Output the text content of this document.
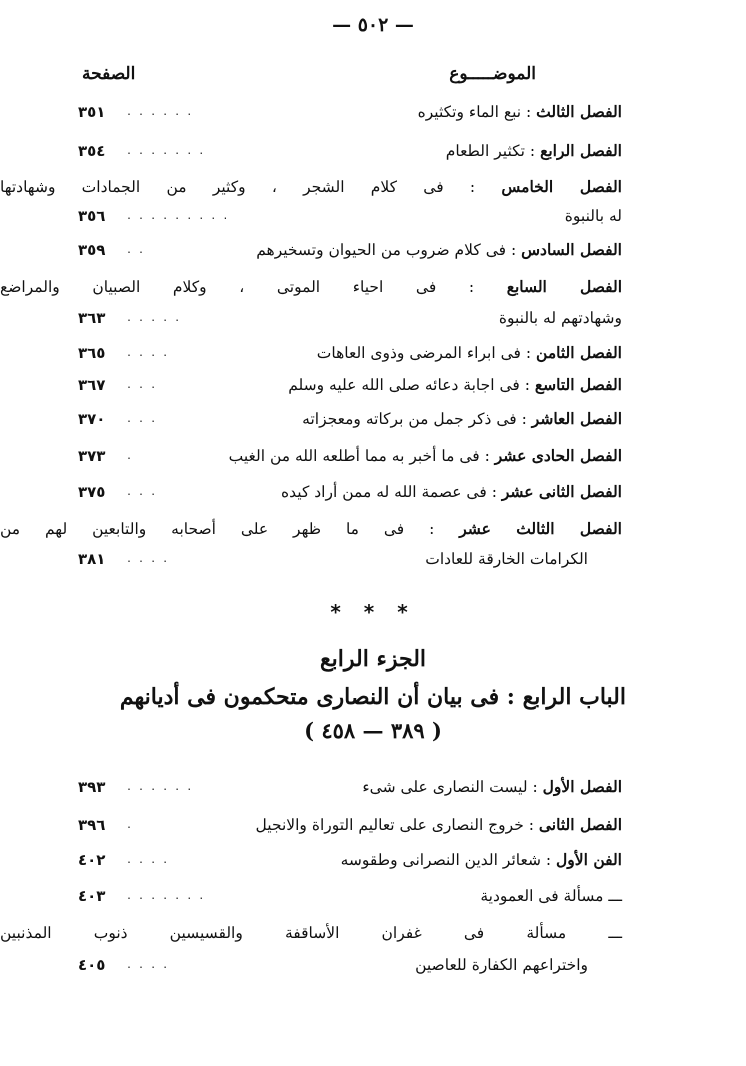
— ٥٠٢ —
الموضـــــوع
الصفحة
الفصل الثالث : نبع الماء وتكثيره
. . . . . .
٣٥١
الفصل الرابع : تكثير الطعام
. . . . . . .
٣٥٤
الفصل الخامس : فى كلام الشجر ، وكثير من الجمادات وشهادتها
له بالنبوة
. . . . . . . . .
٣٥٦
الفصل السادس : فى كلام ضروب من الحيوان وتسخيرهم
. .
٣٥٩
الفصل السابع : فى احياء الموتى ، وكلام الصبيان والمراضع
وشهادتهم له بالنبوة
. . . . .
٣٦٣
الفصل الثامن : فى ابراء المرضى وذوى العاهات
. . . .
٣٦٥
الفصل التاسع : فى اجابة دعائه صلى الله عليه وسلم
. . .
٣٦٧
الفصل العاشر : فى ذكر جمل من بركاته ومعجزاته
. . .
٣٧٠
الفصل الحادى عشر : فى ما أخبر به مما أطلعه الله من الغيب
.
٣٧٣
الفصل الثانى عشر : فى عصمة الله له ممن أراد كيده
. . .
٣٧٥
الفصل الثالث عشر : فى ما ظهر على أصحابه والتابعين لهم من
الكرامات الخارقة للعادات
. . . .
٣٨١
* * *
الجزء الرابع
الباب الرابع : فى بيان أن النصارى متحكمون فى أديانهم
( ٣٨٩ — ٤٥٨ )
الفصل الأول : ليست النصارى على شىء
. . . . . .
٣٩٣
الفصل الثانى : خروج النصارى على تعاليم التوراة والانجيل
.
٣٩٦
الفن الأول : شعائر الدين النصرانى وطقوسه
. . . .
٤٠٢
ـــ مسألة فى العمودية
. . . . . . .
٤٠٣
ـــ مسألة فى غفران الأساقفة والقسيسين ذنوب المذنبين
واختراعهم الكفارة للعاصين
. . . .
٤٠٥
